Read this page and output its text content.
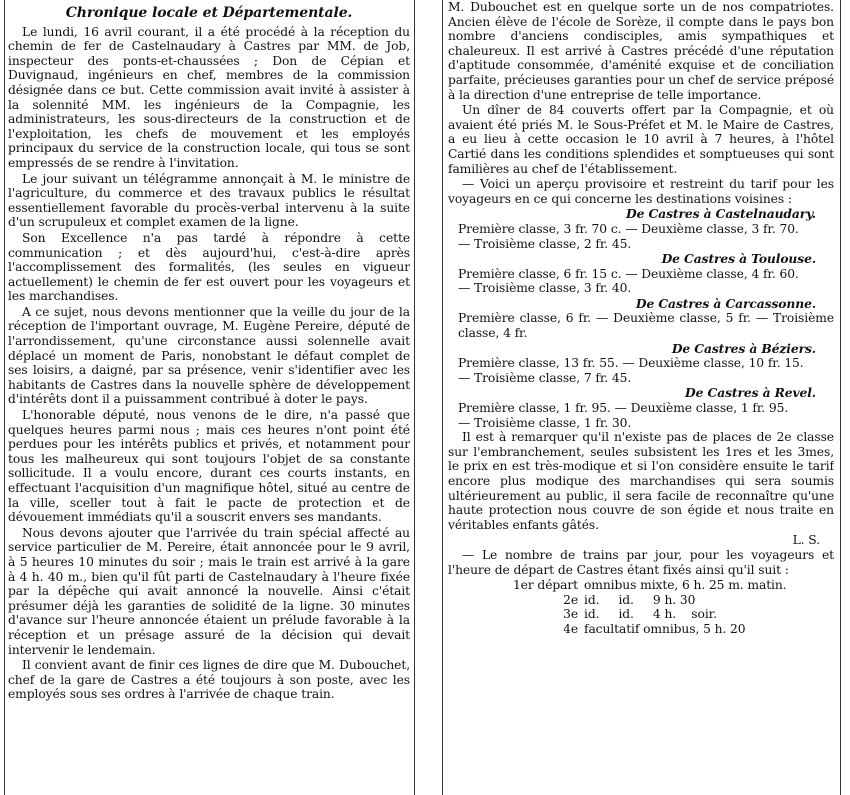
Chronique locale et Départementale.

Le lundi, 16 avril courant, il a été procédé à la réception du chemin de fer de Castelnaudary à Castres par MM. de Job, inspecteur des ponts-et-chaussées ; Don de Cépian et Duvignaud, ingénieurs en chef, membres de la commission désignée dans ce but. Cette commission avait invité à assister à la solennité MM. les ingénieurs de la Compagnie, les administrateurs, les sous-directeurs de la construction et de l'exploitation, les chefs de mouvement et les employés principaux du service de la construction locale, qui tous se sont empressés de se rendre à l'invitation.

Le jour suivant un télégramme annonçait à M. le ministre de l'agriculture, du commerce et des travaux publics le résultat essentiellement favorable du procès-verbal intervenu à la suite d'un scrupuleux et complet examen de la ligne.

Son Excellence n'a pas tardé à répondre à cette communication ; et dès aujourd'hui, c'est-à-dire après l'accomplissement des formalités, (les seules en vigueur actuellement) le chemin de fer est ouvert pour les voyageurs et les marchandises.

A ce sujet, nous devons mentionner que la veille du jour de la réception de l'important ouvrage, M. Eugène Pereire, député de l'arrondissement, qu'une circonstance aussi solennelle avait déplacé un moment de Paris, nonobstant le défaut complet de ses loisirs, a daigné, par sa présence, venir s'identifier avec les habitants de Castres dans la nouvelle sphère de développement d'intérêts dont il a puissamment contribué à doter le pays.

L'honorable député, nous venons de le dire, n'a passé que quelques heures parmi nous ; mais ces heures n'ont point été perdues pour les intérêts publics et privés, et notamment pour tous les malheureux qui sont toujours l'objet de sa constante sollicitude. Il a voulu encore, durant ces courts instants, en effectuant l'acquisition d'un magnifique hôtel, situé au centre de la ville, sceller tout à fait le pacte de protection et de dévouement immédiats qu'il a souscrit envers ses mandants.

Nous devons ajouter que l'arrivée du train spécial affecté au service particulier de M. Pereire, était annoncée pour le 9 avril, à 5 heures 10 minutes du soir ; mais le train est arrivé à la gare à 4 h. 40 m., bien qu'il fût parti de Castelnaudary à l'heure fixée par la dépêche qui avait annoncé la nouvelle. Ainsi c'était présumer déjà les garanties de solidité de la ligne. 30 minutes d'avance sur l'heure annoncée étaient un prélude favorable à la réception et un présage assuré de la décision qui devait intervenir le lendemain.

Il convient avant de finir ces lignes de dire que M. Dubouchet, chef de la gare de Castres a été toujours à son poste, avec les employés sous ses ordres à l'arrivée de chaque train.

M. Dubouchet est en quelque sorte un de nos compatriotes. Ancien élève de l'école de Sorèze, il compte dans le pays bon nombre d'anciens condisciples, amis sympathiques et chaleureux. Il est arrivé à Castres précédé d'une réputation d'aptitude consommée, d'aménité exquise et de conciliation parfaite, précieuses garanties pour un chef de service préposé à la direction d'une entreprise de telle importance.

Un dîner de 84 couverts offert par la Compagnie, et où avaient été priés M. le Sous-Préfet et M. le Maire de Castres, a eu lieu à cette occasion le 10 avril à 7 heures, à l'hôtel Cartié dans les conditions splendides et somptueuses qui sont familières au chef de l'établissement.

— Voici un aperçu provisoire et restreint du tarif pour les voyageurs en ce qui concerne les destinations voisines :

De Castres à Castelnaudary.

Première classe, 3 fr. 70 c. — Deuxième classe, 3 fr. 70.

— Troisième classe, 2 fr. 45.

De Castres à Toulouse.

Première classe, 6 fr. 15 c. — Deuxième classe, 4 fr. 60.

— Troisième classe, 3 fr. 40.

De Castres à Carcassonne.

Première classe, 6 fr. — Deuxième classe, 5 fr. — Troisième classe, 4 fr.

De Castres à Béziers.

Première classe, 13 fr. 55. — Deuxième classe, 10 fr. 15.

— Troisième classe, 7 fr. 45.

De Castres à Revel.

Première classe, 1 fr. 95. — Deuxième classe, 1 fr. 95.

— Troisième classe, 1 fr. 30.

Il est à remarquer qu'il n'existe pas de places de 2e classe sur l'embranchement, seules subsistent les 1res et les 3mes, le prix en est très-modique et si l'on considère ensuite le tarif encore plus modique des marchandises qui sera soumis ultérieurement au public, il sera facile de reconnaître qu'une haute protection nous couvre de son égide et nous traite en véritables enfants gâtés.

L. S.

— Le nombre de trains par jour, pour les voyageurs et l'heure de départ de Castres étant fixés ainsi qu'il suit :

1er départ omnibus mixte, 6 h. 25 m. matin.
2e id.     id.     9 h. 30
3e id.     id.     4 h.    soir.
4e facultatif omnibus, 5 h. 20
